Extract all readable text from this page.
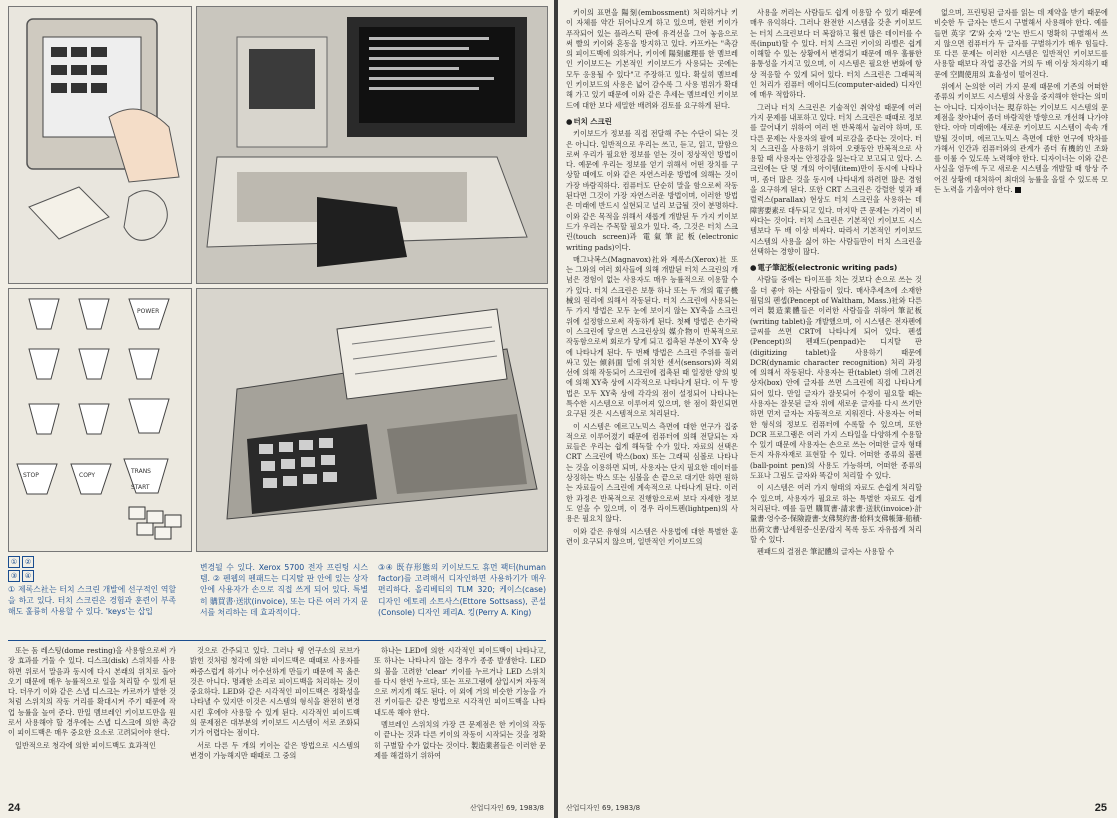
POWER
STOP	COPY
TRANS
START
① ②
③ ④
① 제록스社는 터치 스크린 개발에 선구적인 역할을 하고 있다. 터치 스크린은 경험과 훈련이 부족해도 훌륭히 사용할 수 있다. 'keys'는 삽입
변경될 수 있다. Xerox 5700 전자 프린팅 시스템. ② 펜웹의 펜패드는 디지탈 판 안에 있는 상자 안에 사용자가 손으로 직접 쓰게 되어 있다. 특별히 購買書·送狀(invoice), 또는 다른 여러 가지 문서를 처리하는 데 효과적이다.
③④ 既存形態의 키이보드도 휴먼 팩터(human factor)를 고려해서 디자인하면 사용하기가 매우 편리하다. 올리베티의 TLM 320; 케이스(case) 디자인 에토레 소트사스(Ettore Sottsass), 콘설(Console) 디자인 페리A. 킹(Perry A. King)

또는 돔 레스팅(dome resting)을 사용함으로써 가장 효과를 거둘 수 있다. 디스크(disk) 스위치를 사용하면 위로서 말음과 동시에 다시 본래의 위치로 돌아오기 때문에 매우 능률적으로 일을 처리할 수 있게 된다. 더우기 이와 같은 스냅 디스크는 카르까가 발한 것처럼 스위치의 작동 거리를 확대시켜 주기 때문에 작업 능률을 높여 준다. 만일 멤브레인 키이보드만을 원로서 사용해야 할 경우에는 스냅 디스크에 의한 촉감이 피이드백은 매우 중요한 요소로 고려되어야 한다.

일반적으로 청각에 의한 피이드백도 효과적인

것으로 간주되고 있다. 그러나 뗑 연구소의 로브가 밝힌 것처럼 청각에 의한 피이드백은 때때로 사용자를 짜증스럽게 하기나 어수선하게 만들기 때문에 꼭 옳은 것은 아니다. 명쾌한 소리로 피이드백을 처리하는 것이 중요하다. LED와 같은 시각적인 피이드백은 정확성을 나타낼 수 있지만 이것은 시스템의 형식을 완전히 변경시킨 후에야 사용할 수 있게 된다. 시각적인 피이드백의 문제점은 대부분의 키이보드 시스템이 서로 조화되기가 어렵다는 점이다.

서로 다른 두 개의 키이는 같은 방법으로 시스템의 변경이 가능해지만 때때로 그 중의

하나는 LED에 의한 시각적인 피이드백이 나타나고, 또 하나는 나타나지 않는 경우가 종종 발생한다. LED의 불을 고려한 'clear' 키이를 누르거나 LED 스위치를 다시 한번 누르다, 또는 프로그램에 삼입시켜 자동적으로 꺼지게 해도 된다. 이 외에 거의 비슷한 기능을 가진 키이들은 같은 방법으로 시각적인 피이드백을 나타내도록 해야 한다.

멤브레인 스위치의 가장 큰 문제점은 한 키이의 작동이 끝나는 것과 다른 키이의 작동이 시작되는 것을 정확히 구별할 수가 없다는 것이다. 製造業者들은 이러한 문제를 해결하기 위하여

24	산업디자인 69, 1983/8

키이의 표면을 陽刻(embossment) 처리하거나 키이 자체를 약간 뒤어나오게 하고 있으며, 한편 키이가 푸작되어 있는 플라스틱 판에 유격선을 그어 놓음으로써 빨의 키이와 혼동을 방지하고 있다. 카프카는 "촉감의 피이드백에 의하거나, 키이에 陽刻處理를 한 멤브레인 키이보드는 기본적인 키이보드가 사용되는 곳에는 모두 응용될 수 있다"고 주장하고 있다. 확실히 멤브레인 키이보드의 사용은 넓어 감수록 그 사용 범위가 확대해 가고 있기 때문에 이와 같은 추세는 멤브레인 키이보드에 대한 보다 세밀한 배려와 검토를 요구하게 된다.

● 터치 스크린

키이보드가 정보를 직접 전달해 주는 수단이 되는 것은 아니다. 일반적으로 우리는 쓰고, 듣고, 읽고, 말함으로써 우리가 필요한 정보를 얻는 것이 정상적인 방법이다. 예문에 우리는 정보를 얻기 위해서 어떤 장치를 구상할 때에도 이와 같은 자연스러운 방법에 의해는 것이 가장 바람직하다. 컴퓨터도 단순히 말을 함으로써 작동된다면 그것이 가장 자연스러운 방법이며, 이러한 방법은 미래에 반드시 실현되고 널리 보급될 것이 분명하다. 이와 같은 목적을 위해서 새롭게 개발된 두 가지 키이보드가 우리는 주목할 필요가 있다. 즉, 그것은 터치 스크린(touch screen)과 電氣筆記板(electronic writing pads)이다.

매그나복스(Magnavox)社와 제록스(Xerox)社 또는 그와의 여러 회사들에 의해 개발된 터치 스크린의 개념은 경험이 없는 사용자도 매우 능률적으로 이용할 수가 있다. 터치 스크린은 보통 하나 또는 두 개의 電子機械의 원리에 의해서 작동된다. 터치 스크린에 사용되는 두 가지 방법은 모두 눈에 보이지 않는 XY축을 스크린 위에 설정함으로써 작동하게 된다. 첫째 방법은 손가락이 스크린에 닿으면 스크린상의 媒介物이 반복적으로 작동함으로써 회로가 닿게 되고 접촉된 부분이 XY축 상에 나타나게 된다. 두 번째 방법은 스크린 주위를 둘러싸고 있는 傾斜面 밑에 위치한 센서(sensors)와 적외선에 의해 작동되어 스크린에 접촉된 때 일정한 양의 빛에 의해 XY축 상에 시각적으로 나타나게 된다. 이 두 방법은 모두 XY축 상에 각각의 점이 설정되어 나타나는 특수한 시스템으로 이루어져 있으며, 한 점이 확인되면 요구된 것은 시스템적으로 처리된다.

이 시스템은 에르고노믹스 측면에 대한 연구가 집중적으로 이루어졌기 때문에 컴퓨터에 의해 전달되는 자료들은 우리는 쉽게 해독할 수가 있다. 자료의 선택은 CRT 스크린에 박스(box) 또는 그래픽 심볼로 나타나는 것을 이용하면 되며, 사용자는 단지 필요한 데이터를 상징하는 박스 또는 심볼을 손 끝으로 대기만 하면 원하는 자료들이 스크린에 계속적으로 나타나게 된다. 이러한 과정은 반복적으로 진행함으로써 보다 자세한 정보도 얻을 수 있으며, 이 경우 라이트펜(lightpen)의 사용은 필요치 않다.

이와 같은 유형의 시스템은 사용법에 대한 특별한 훈련이 요구되지 않으며, 일반적인 키이보드의

사용을 꺼리는 사람들도 쉽게 이용할 수 있기 때문에 매우 유익하다. 그러나 완전한 시스템을 갖춘 키이보드는 터치 스크린보다 더 복잡하고 훨씬 많은 데이터를 수록(input)할 수 있다. 터치 스크린 키이의 라벨은 쉽게 이해할 수 있는 상황에서 변경되기 때문에 매우 훌륭한 융통성을 가지고 있으며, 이 시스템은 필요한 변화에 항상 적응할 수 있게 되어 있다. 터치 스크린은 그래픽적인 처리가 컴퓨터 에이디드(computer-aided) 디자인에 매우 적합하다.

그러나 터치 스크린은 기술적인 취약성 때문에 여러 가지 문제를 내포하고 있다. 터치 스크린은 때때로 정보를 끌어내기 위하여 여러 번 반복해서 눌러야 하며, 또 다른 문제는 사용자의 팔에 피로감을 준다는 것이다. 터치 스크린을 사용하기 위하여 오랫동안 반복적으로 사용할 때 사용자는 안정감을 잃는다고 보고되고 있다. 스크린에는 단 몇 개의 아이템(item)만이 동시에 나타나며, 좀더 많은 것을 동시에 나타내게 하려면 많은 경험을 요구하게 된다. 또한 CRT 스크린은 강렬한 빛과 패럴럭스(parallax) 현상도 터치 스크린을 사용하는 데 障害要素로 대두되고 있다. 마지막 큰 문제는 가격이 비싸다는 것이다. 터치 스크린은 기본적인 키이보드 시스템보다 두 배 이상 비싸다. 따라서 기본적인 키이보드 시스템의 사용을 싫어 하는 사람들만이 터치 스크린을 선택하는 경향이 많다.

● 電子筆記板(electronic writing pads)

사람들 중에는 타이프를 치는 것보다 손으로 쓰는 것을 더 좋아 하는 사람들이 있다. 매사추세츠에 소재한 월덤의 펜셉(Pencept of Waltham, Mass.)社와 다른 여러 製造業體들은 이러한 사람들을 위하여 筆記板(writing tablet)을 개발했으며, 이 시스템은 전자펜에 글씨를 쓰면 CRT에 나타나게 되어 있다. 펜셉(Pencept)의 펜패드(penpad)는 디지탈 판(digitizing tablet)을 사용하기 때문에 DCR(dynamic character recognition) 처리 과정에 의해서 작동된다. 사용자는 판(tablet) 위에 그려진 상자(box) 안에 글자를 쓰면 스크린에 직접 나타나게 되어 있다. 만일 글자가 잘못되어 수정이 필요할 때는 사용자는 잘못된 글자 위에 새로운 글자를 다시 쓰기만 하면 먼저 글자는 자동적으로 지워진다. 사용자는 어떠한 형식의 정보도 컴퓨터에 수록할 수 있으며, 또한 DCR 프로그램은 여러 가지 스타일을 다양하게 수용할 수 있기 때문에 사용자는 손으로 쓰는 어떠한 글자 형태든지 자유자재로 표현할 수 있다. 어떠한 종류의 볼펜(ball-point pen)의 사용도 가능하며, 어떠한 종류의 도표나 그림도 글자와 똑같이 처리할 수 있다.

이 시스템은 여러 가지 형태의 자료도 손쉽게 처리할 수 있으며, 사용자가 필요로 하는 특별한 자료도 쉽게 처리된다. 예를 들면 購買書·請求書·送狀(invoice)·計量書·영수증·保險證書·支佛契約書·給料支佛帳簿·船積·出荷文書·납세원증·신문/잡지 목록 등도 자유롭게 처리할 수 있다.

펜패드의 결점은 筆記體의 글자는 사용할 수

없으며, 프린팅된 글자를 읽는 데 제약을 받기 때문에 비슷한 두 글자는 반드시 구별해서 사용해야 한다. 예를 들면 英字 'Z'와 숫자 '2'는 반드시 명확히 구별해서 쓰지 않으면 컴퓨터가 두 글자를 구별하기가 매우 힘들다. 또 다른 문제는 이러한 시스템은 일반적인 키이보드를 사용할 때보다 작업 공간을 거의 두 배 이상 차지하기 때문에 空間使用의 효율성이 떨어진다.

위에서 논의한 여러 가지 문제 때문에 기존의 어떠한 종류의 키이보드 시스템의 사용을 중지해야 한다는 의미는 아니다. 디자이너는 現存하는 키이보드 시스템의 문제점을 찾아내어 좀더 바람직한 방향으로 개선해 나가야 한다. 아마 미래에는 새로운 키이보드 시스템이 속속 개발될 것이며, 에르고노믹스 측면에 대한 연구에 박차를 가해서 인간과 컴퓨터와의 관계가 좀더 有機的인 조화를 이룰 수 있도록 노력해야 한다. 디자이너는 이와 같은 사실을 염두에 두고 새로운 시스템을 개발할 때 항상 주어진 상황에 대처하여 최대의 능률을 올릴 수 있도록 모든 노력을 기울여야 한다.

산업디자인 69, 1983/8	25
